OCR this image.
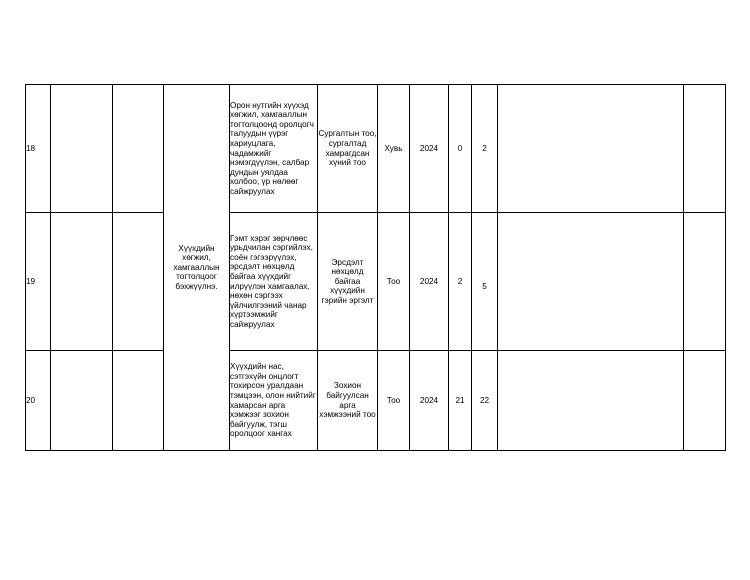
18			Хүүхдийн хөгжил, хамгааллын тогтолцоог бэхжүүлнэ.	Орон нутгийн хүүхэд хөгжил, хамгааллын тогтолцоонд оролцогч талуудын үүрэг хариуцлага, чадамжийг нэмэгдүүлэн, салбар дундын уялдаа холбоо, үр нөлөөг сайжруулах	Сургалтын тоо, сургалтад хамрагдсан хүний тоо	Хувь	2024	0	2		
19				Гэмт хэрэг зөрчлөөс урьдчилан сэргийлэх, соён гэгээрүүлэх, эрсдэлт нөхцөлд байгаа хүүхдийг илрүүлэн хамгаалах, нөхөн сэргээх үйлчилгээний чанар хүртээмжийг сайжруулах	Эрсдэлт нөхцөлд байгаа хүүхдийн гэрийн эргэлт	Тоо	2024	2	5		

20				Хүүхдийн нас, сэтгэхүйн онцлогт тохирсон уралдаан тэмцээн, олон нийтийг хамарсан арга хэмжээг зохион байгуулж, тэгш оролцоог хангах	Зохион байгуулсан арга хэмжээний тоо	Тоо	2024	21	22		
